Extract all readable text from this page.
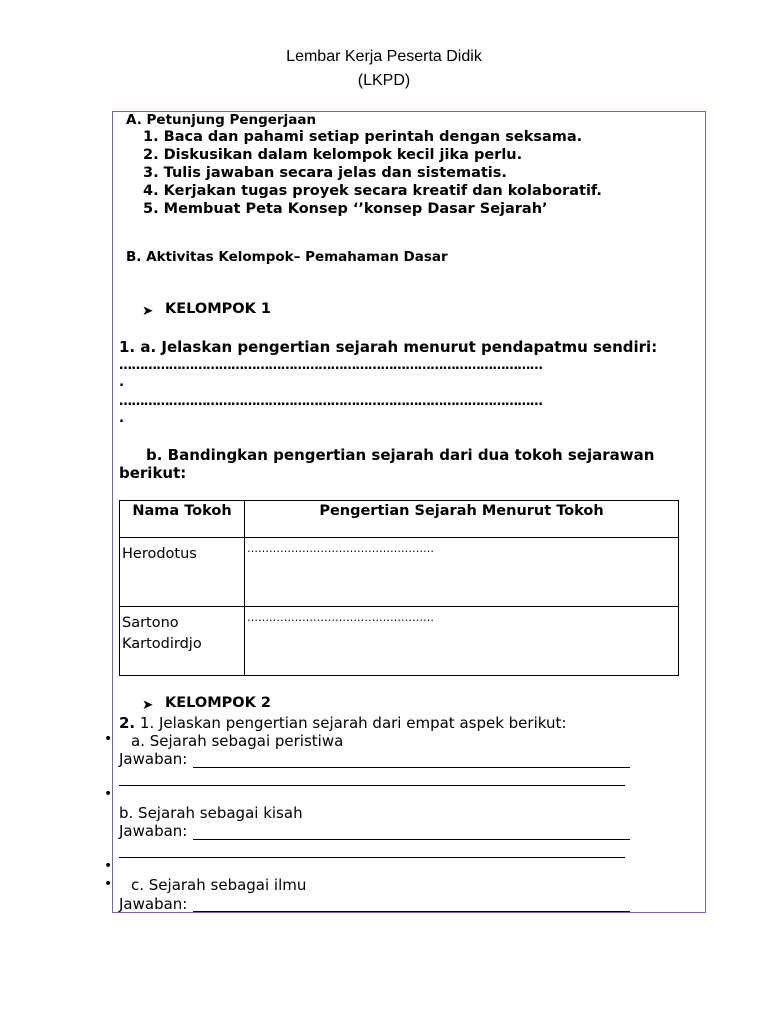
Lembar Kerja Peserta Didik
(LKPD)
A. Petunjung Pengerjaan
1. Baca dan pahami setiap perintah dengan seksama.
2. Diskusikan dalam kelompok kecil jika perlu.
3. Tulis jawaban secara jelas dan sistematis.
4. Kerjakan tugas proyek secara kreatif dan kolaboratif.
5. Membuat Peta Konsep ‘’konsep Dasar Sejarah’
B. Aktivitas Kelompok– Pemahaman Dasar
➤ KELOMPOK 1
1. a. Jelaskan pengertian sejarah menurut pendapatmu sendiri:
…………………………………………………………………………………………
.
…………………………………………………………………………………………
.
b. Bandingkan pengertian sejarah dari dua tokoh sejarawan
berikut:
Nama Tokoh	Pengertian Sejarah Menurut Tokoh

Herodotus	……………………………………………

Sartono
Kartodirdjo	……………………………………………
➤ KELOMPOK 2
2. 1. Jelaskan pengertian sejarah dari empat aspek berikut:
• a. Sejarah sebagai peristiwa
Jawaban:
•
b. Sejarah sebagai kisah
Jawaban:
•
• c. Sejarah sebagai ilmu
Jawaban:
